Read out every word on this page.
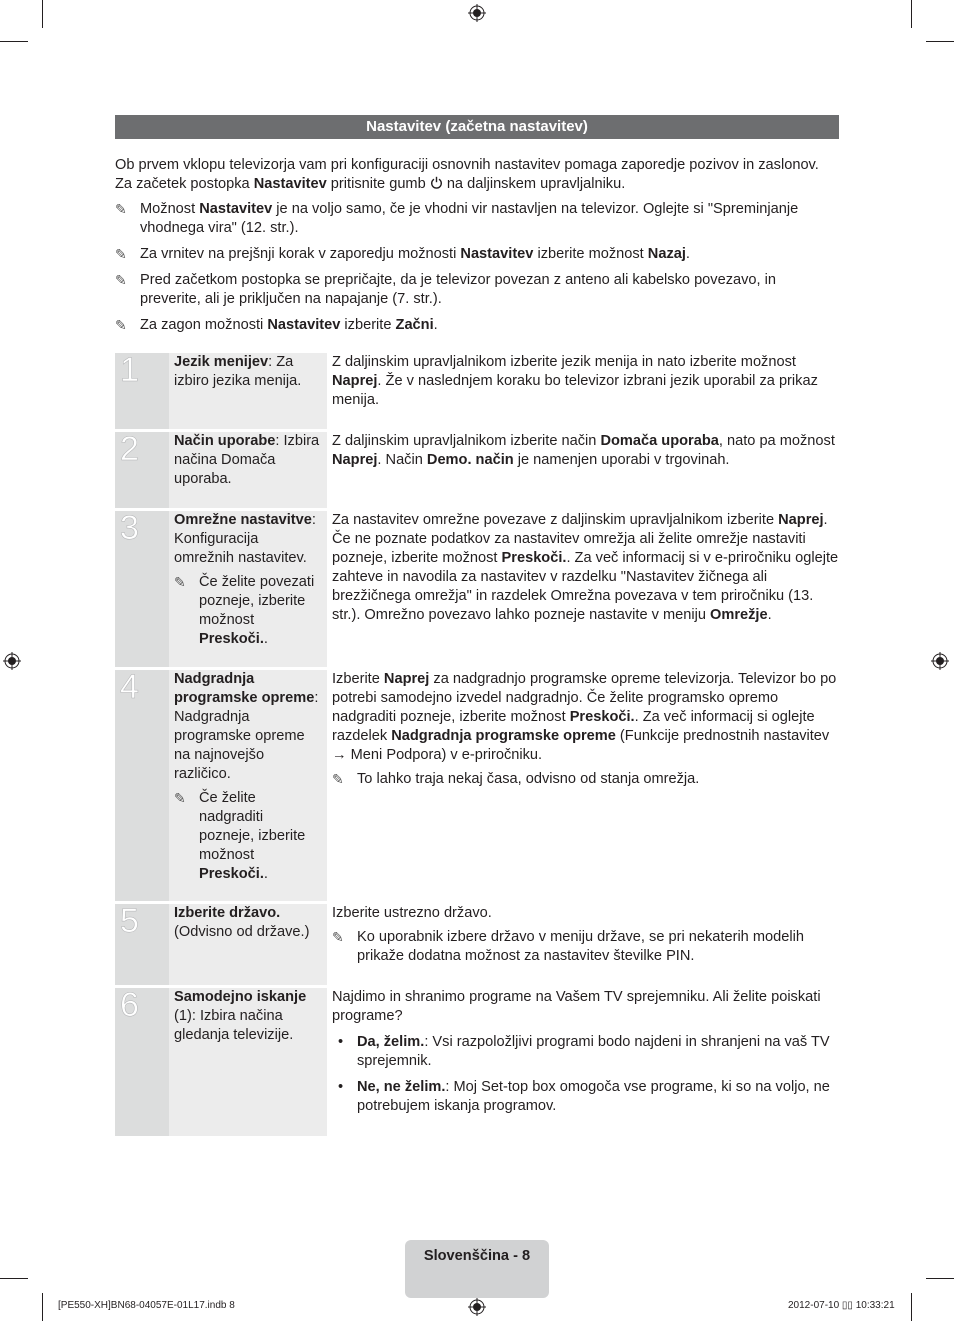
Nastavitev (začetna nastavitev)

Ob prvem vklopu televizorja vam pri konfiguraciji osnovnih nastavitev pomaga zaporedje pozivov in zaslonov. Za začetek postopka Nastavitev pritisnite gumb  na daljinskem upravljalniku.

✎ Možnost Nastavitev je na voljo samo, če je vhodni vir nastavljen na televizor. Oglejte si "Spreminjanje vhodnega vira" (12. str.).
✎ Za vrnitev na prejšnji korak v zaporedju možnosti Nastavitev izberite možnost Nazaj.
✎ Pred začetkom postopka se prepričajte, da je televizor povezan z anteno ali kabelsko povezavo, in preverite, ali je priključen na napajanje (7. str.).
✎ Za zagon možnosti Nastavitev izberite Začni.
1	Jezik menijev: Za izbiro jezika menija.
Z daljinskim upravljalnikom izberite jezik menija in nato izberite možnost Naprej. Že v naslednjem koraku bo televizor izbrani jezik uporabil za prikaz menija.
2	Način uporabe: Izbira načina Domača uporaba.
Z daljinskim upravljalnikom izberite način Domača uporaba, nato pa možnost Naprej. Način Demo. način je namenjen uporabi v trgovinah.
3	Omrežne nastavitve: Konfiguracija omrežnih nastavitev.
✎ Če želite povezati pozneje, izberite možnost Preskoči..
Za nastavitev omrežne povezave z daljinskim upravljalnikom izberite Naprej. Če ne poznate podatkov za nastavitev omrežja ali želite omrežje nastaviti pozneje, izberite možnost Preskoči.. Za več informacij si v e-priročniku oglejte zahteve in navodila za nastavitev v razdelku "Nastavitev žičnega ali brezžičnega omrežja" in razdelek Omrežna povezava v tem priročniku (13. str.). Omrežno povezavo lahko pozneje nastavite v meniju Omrežje.
4	Nadgradnja programske opreme: Nadgradnja programske opreme na najnovejšo različico.
✎ Če želite nadgraditi pozneje, izberite možnost Preskoči..
Izberite Naprej za nadgradnjo programske opreme televizorja. Televizor bo po potrebi samodejno izvedel nadgradnjo. Če želite programsko opremo nadgraditi pozneje, izberite možnost Preskoči.. Za več informacij si oglejte razdelek Nadgradnja programske opreme (Funkcije prednostnih nastavitev → Meni Podpora) v e-priročniku.
✎ To lahko traja nekaj časa, odvisno od stanja omrežja.
5	Izberite državo. (Odvisno od države.)
Izberite ustrezno državo.
✎ Ko uporabnik izbere državo v meniju države, se pri nekaterih modelih prikaže dodatna možnost za nastavitev številke PIN.
6	Samodejno iskanje (1): Izbira načina gledanja televizije.
Najdimo in shranimo programe na Vašem TV sprejemniku. Ali želite poiskati programe?
• Da, želim.: Vsi razpoložljivi programi bodo najdeni in shranjeni na vaš TV sprejemnik.
• Ne, ne želim.: Moj Set-top box omogoča vse programe, ki so na voljo, ne potrebujem iskanja programov.
Slovenščina - 8
[PE550-XH]BN68-04057E-01L17.indb 8	2012-07-10 ▯▯ 10:33:21
